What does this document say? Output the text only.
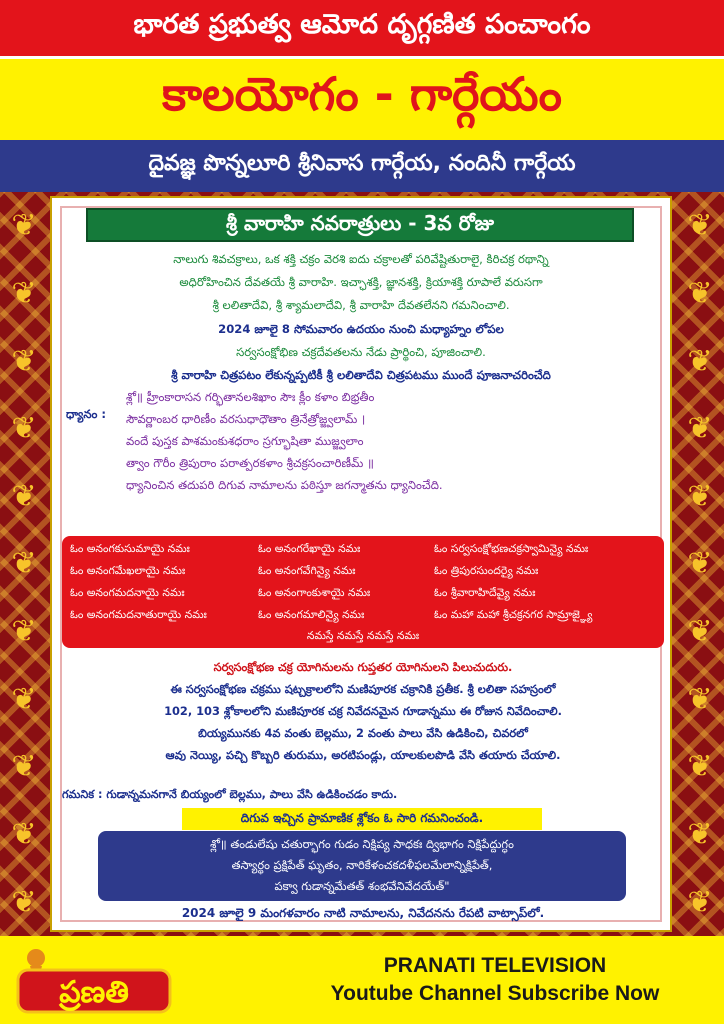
భారత ప్రభుత్వ ఆమోద దృగ్గణిత పంచాంగం
కాలయోగం - గార్గేయం
దైవజ్ఞ పొన్నలూరి శ్రీనివాస గార్గేయ, నందినీ గార్గేయ
❦
❦
❦
❦
❦
❦
❦
❦
❦
❦
❦
❦
❦
❦
❦
❦
❦
❦
❦
❦
❦
❦
శ్రీ వారాహి నవరాత్రులు - 3వ రోజు
నాలుగు శివచక్రాలు, ఒక శక్తి చక్రం వెరశి ఐదు చక్రాలతో పరివేష్టితురాలై, కిరిచక్ర రథాన్ని
అధిరోహించిన దేవతయే శ్రీ వారాహి. ఇచ్ఛాశక్తి, జ్ఞానశక్తి, క్రియాశక్తి రూపాలే వరుసగా
శ్రీ లలితాదేవి, శ్రీ శ్యామలాదేవి, శ్రీ వారాహి దేవతలేనని గమనించాలి.
2024 జూలై 8 సోమవారం ఉదయం నుంచి మధ్యాహ్నం లోపల
సర్వసంక్షోభిణ చక్రదేవతలను నేడు ప్రార్థించి, పూజించాలి.
శ్రీ వారాహి చిత్రపటం లేకున్నప్పటికీ శ్రీ లలితాదేవి చిత్రపటము ముందే పూజనాచరించేది
ధ్యానం :
శ్లో॥ హ్రీంకారాసన గర్భితానలశిఖాం సౌః క్లీం కళాం బిభ్రతీం
సౌవర్ణాంబర ధారిణీం వరసుధాధౌతాం త్రినేత్రోజ్జ్వలామ్ ।
వందే పుస్తక పాశమంకుశధరాం స్రగ్భూషితా ముజ్జ్వలాం
త్వాం గౌరీం త్రిపురాం పరాత్పరకళాం శ్రీచక్రసంచారిణీమ్ ॥
ధ్యానించిన తదుపరి దిగువ నామాలను పఠిస్తూ జగన్మాతను ధ్యానించేది.
ఓం అనంగకుసుమాయై నమః
ఓం అనంగమేఖలాయై నమః
ఓం అనంగమదనాయై నమః
ఓం అనంగమదనాతురాయై నమః
ఓం అనంగరేఖాయై నమః
ఓం అనంగవేగిన్యై నమః
ఓం అనంగాంకుశాయై నమః
ఓం అనంగమాలిన్యై నమః
ఓం సర్వసంక్షోభణచక్రస్వామిన్యై నమః
ఓం త్రిపురసుందర్యై నమః
ఓం శ్రీవారాహిదేవ్యై నమః
ఓం మహా మహా శ్రీచక్రనగర సామ్రాజ్ఞ్యై
నమస్తే నమస్తే నమస్తే నమః
సర్వసంక్షోభణ చక్ర యోగినులను గుప్తతర యోగినులని పిలుచుదురు.
ఈ సర్వసంక్షోభణ చక్రము షట్చక్రాలలోని మణిపూరక చక్రానికి ప్రతీక. శ్రీ లలితా సహస్రంలో
102, 103 శ్లోకాలలోని మణిపూరక చక్ర నివేదనమైన గూడాన్నము ఈ రోజున నివేదించాలి.
బియ్యమునకు 4వ వంతు బెల్లము, 2 వంతు పాలు వేసి ఉడికించి, చివరలో
ఆవు నెయ్యి, పచ్చి కొబ్బరి తురుము, అరటిపండ్లు, యాలకులపొడి వేసి తయారు చేయాలి.
గమనిక : గుడాన్నమనగానే బియ్యంలో బెల్లము, పాలు వేసి ఉడికించడం కాదు.
దిగువ ఇచ్చిన ప్రామాణిక శ్లోకం ఓ సారి గమనించండి.
శ్లో॥ తండులేషు చతుర్భాగం గుడం నిక్షిప్య సాధకః ద్విభాగం నిక్షిపేద్దుగ్ధం
తస్యార్థం ప్రక్షిపేత్ ఘృతం, నారికేళంచకదళీఫలమేలాన్నిక్షిపేత్,
పక్వా గుడాన్నమేతత్ శంభవేనివేదయేత్"
2024 జూలై 9 మంగళవారం నాటి నామాలను, నివేదనను రేపటి వాట్సాప్‌లో.
ప్రణతి
PRANATI TELEVISION
Youtube Channel Subscribe Now
